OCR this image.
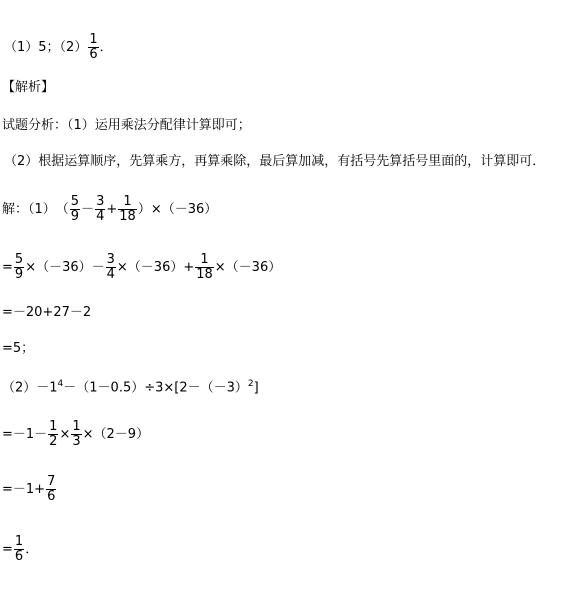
（1）5；$(2) \frac{1}{6}$ ．
【解析】
试题分析：（1）运用乘法分配律计算即可；
（2）根据运算顺序，先算乘方，再算乘除，最后算加减，有括号先算括号里面的，计算即可．
解：（1）　（ $\frac{5}{9} - \frac{3}{4} + \frac{1}{18} )\times(-36)$
= $\frac{5}{9} \times(-36)- \frac{3}{4} \times(-36)+ \frac{1}{18} \times(-36)$
=－20+27－2
=5；
$(2)-1^4-(1-0.5)\div 3\times[2-(-3)^2]$
$=-1- \frac{1}{2} \times \frac{1}{3} \times(2-9)$
$=-1+ \frac{7}{6}$
= $\frac{1}{6}$ ．
